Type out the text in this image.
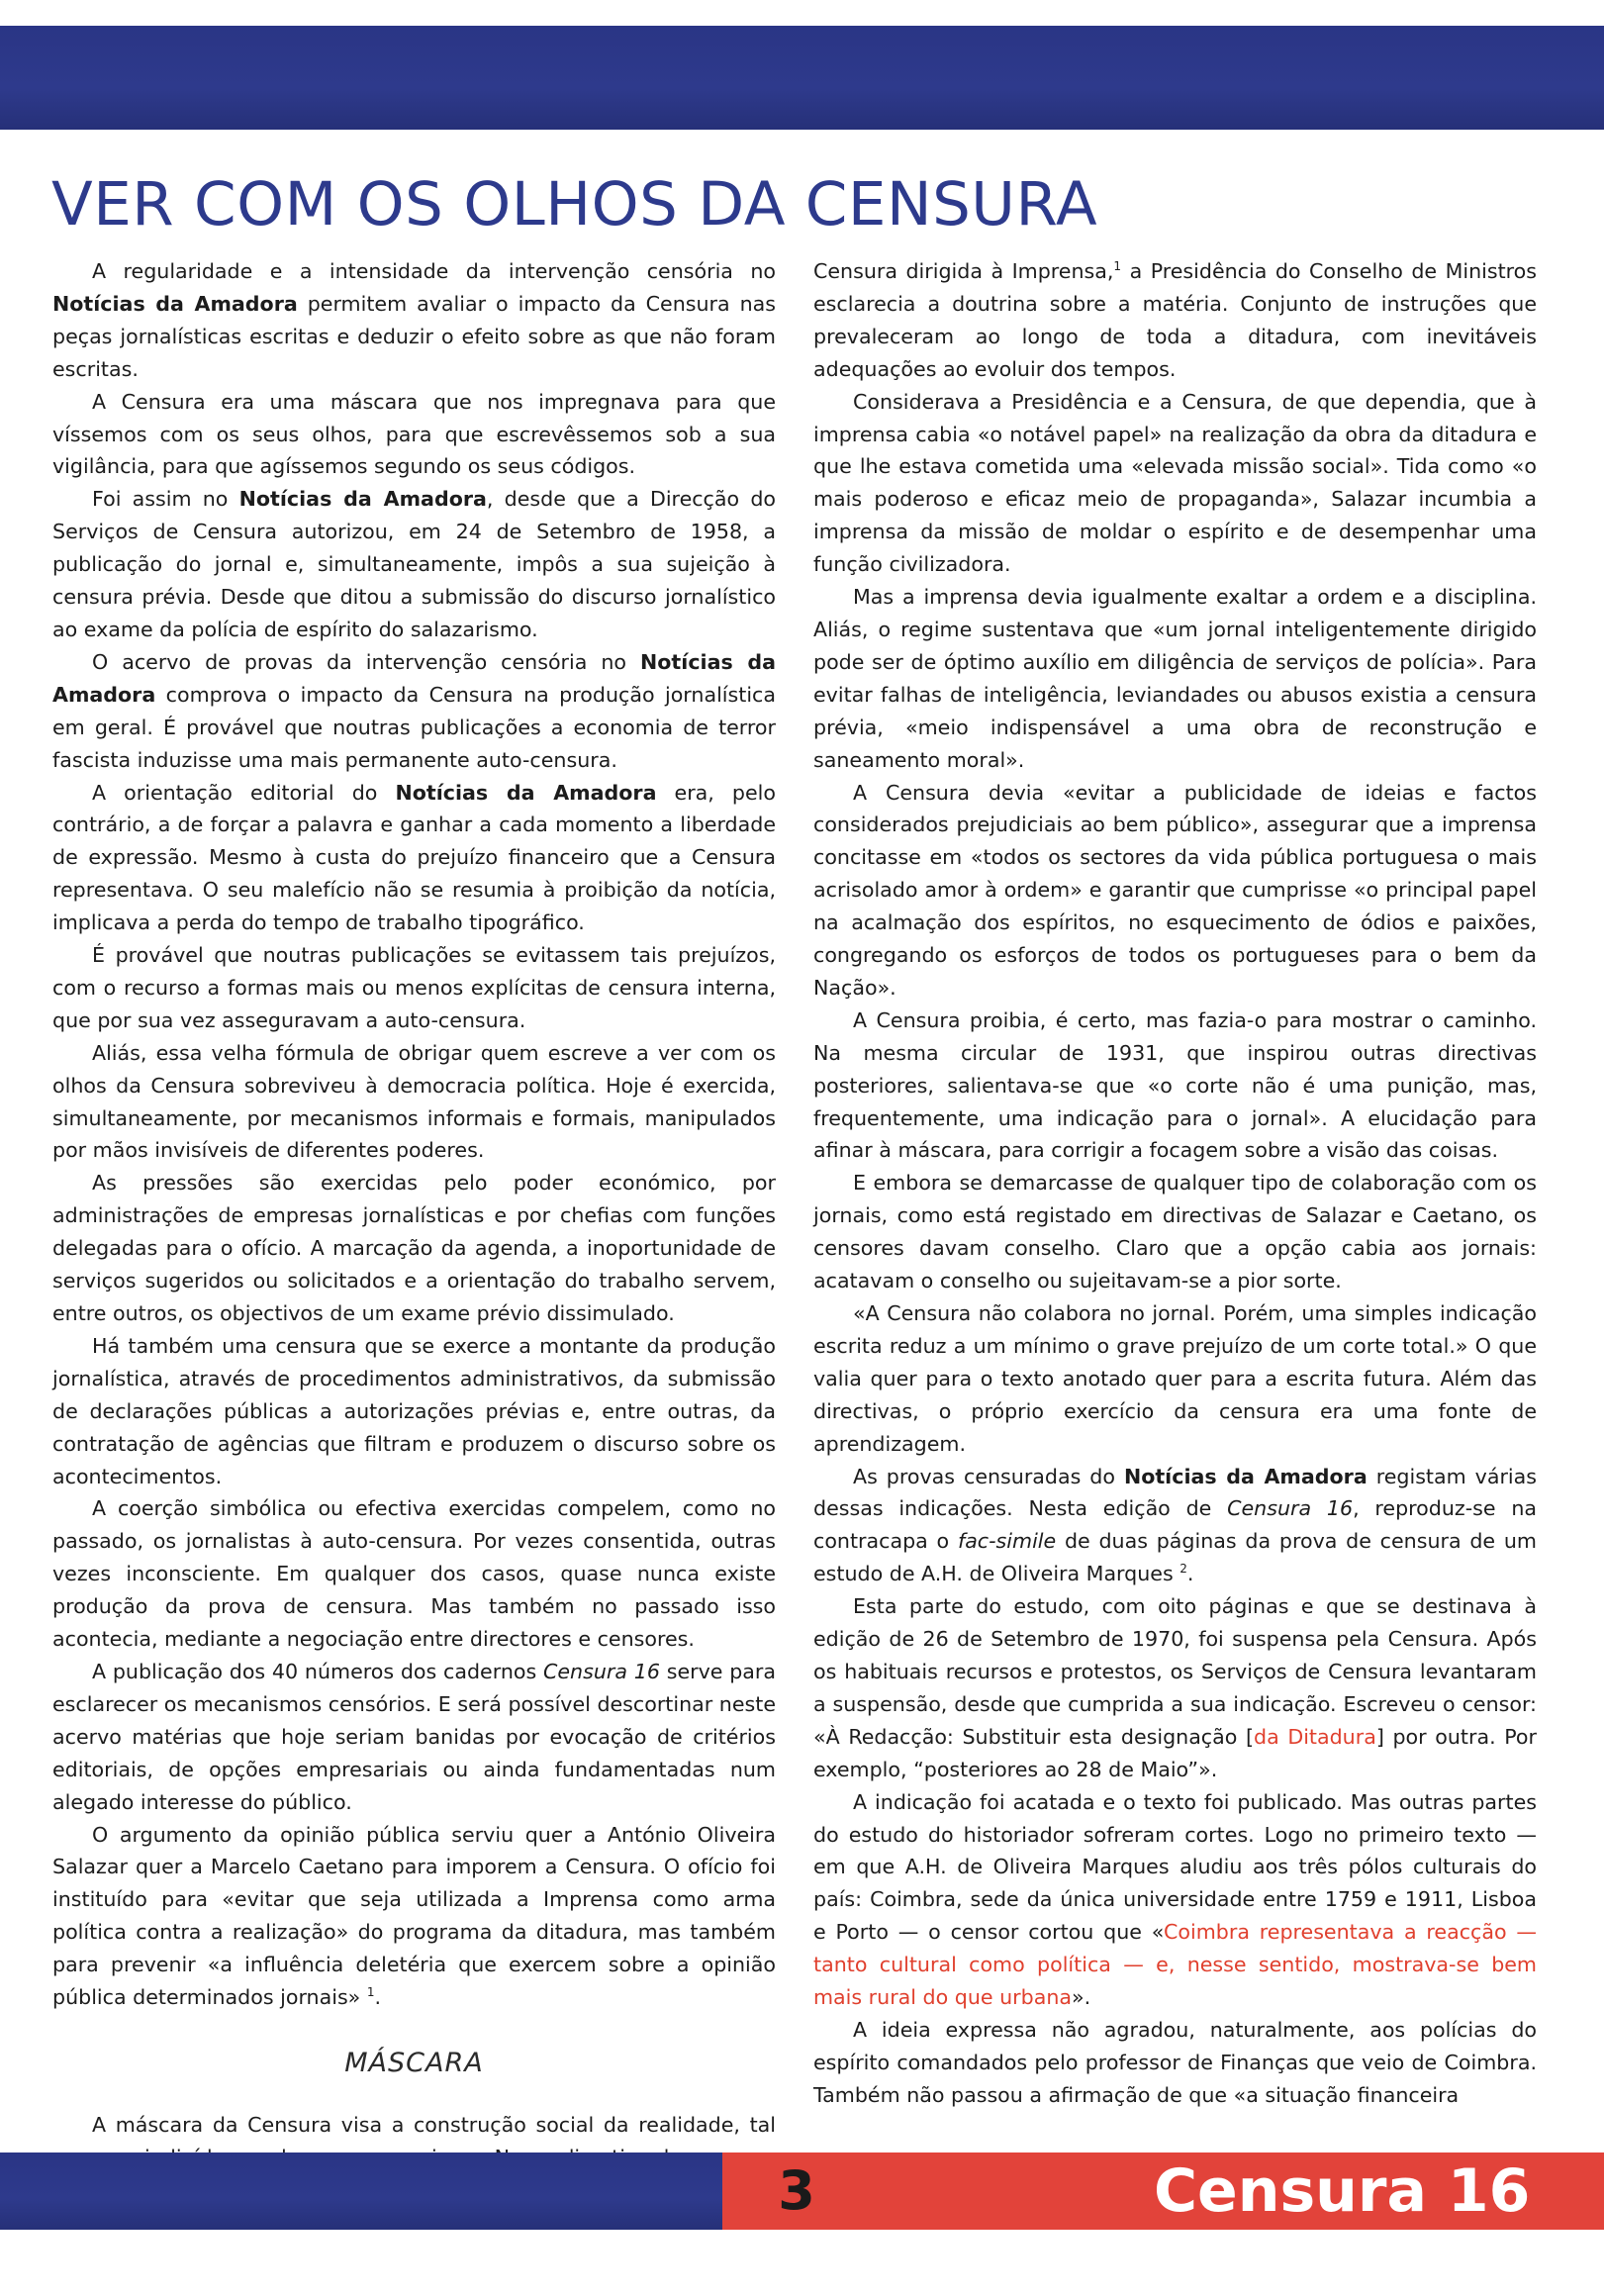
VER COM OS OLHOS DA CENSURA

A regularidade e a intensidade da intervenção censória no Notícias da Amadora permitem avaliar o impacto da Censura nas peças jornalísticas escritas e deduzir o efeito sobre as que não foram escritas.

A Censura era uma máscara que nos impregnava para que víssemos com os seus olhos, para que escrevêssemos sob a sua vigilância, para que agíssemos segundo os seus códigos.

Foi assim no Notícias da Amadora, desde que a Direcção do Serviços de Censura autorizou, em 24 de Setembro de 1958, a publicação do jornal e, simultaneamente, impôs a sua sujeição à censura prévia. Desde que ditou a submissão do discurso jornalístico ao exame da polícia de espírito do salazarismo.

O acervo de provas da intervenção censória no Notícias da Amadora comprova o impacto da Censura na produção jornalística em geral. É provável que noutras publicações a economia de terror fascista induzisse uma mais permanente auto-censura.

A orientação editorial do Notícias da Amadora era, pelo contrário, a de forçar a palavra e ganhar a cada momento a liberdade de expressão. Mesmo à custa do prejuízo financeiro que a Censura representava. O seu malefício não se resumia à proibição da notícia, implicava a perda do tempo de trabalho tipográfico.

É provável que noutras publicações se evitassem tais prejuízos, com o recurso a formas mais ou menos explícitas de censura interna, que por sua vez asseguravam a auto-censura.

Aliás, essa velha fórmula de obrigar quem escreve a ver com os olhos da Censura sobreviveu à democracia política. Hoje é exercida, simultaneamente, por mecanismos informais e formais, manipulados por mãos invisíveis de diferentes poderes.

As pressões são exercidas pelo poder económico, por administrações de empresas jornalísticas e por chefias com funções delegadas para o ofício. A marcação da agenda, a inoportunidade de serviços sugeridos ou solicitados e a orientação do trabalho servem, entre outros, os objectivos de um exame prévio dissimulado.

Há também uma censura que se exerce a montante da produção jornalística, através de procedimentos administrativos, da submissão de declarações públicas a autorizações prévias e, entre outras, da contratação de agências que filtram e produzem o discurso sobre os acontecimentos.

A coerção simbólica ou efectiva exercidas compelem, como no passado, os jornalistas à auto-censura. Por vezes consentida, outras vezes inconsciente. Em qualquer dos casos, quase nunca existe produção da prova de censura. Mas também no passado isso acontecia, mediante a negociação entre directores e censores.

A publicação dos 40 números dos cadernos Censura 16 serve para esclarecer os mecanismos censórios. E será possível descortinar neste acervo matérias que hoje seriam banidas por evocação de critérios editoriais, de opções empresariais ou ainda fundamentadas num alegado interesse do público.

O argumento da opinião pública serviu quer a António Oliveira Salazar quer a Marcelo Caetano para imporem a Censura. O ofício foi instituído para «evitar que seja utilizada a Imprensa como arma política contra a realização» do programa da ditadura, mas também para prevenir «a influência deletéria que exercem sobre a opinião pública determinados jornais» $^1$.

MÁSCARA

A máscara da Censura visa a construção social da realidade, tal

Censura dirigida à Imprensa,$^1$ a Presidência do Conselho de Ministros esclarecia a doutrina sobre a matéria. Conjunto de instruções que prevaleceram ao longo de toda a ditadura, com inevitáveis adequações ao evoluir dos tempos.

Considerava a Presidência e a Censura, de que dependia, que à imprensa cabia «o notável papel» na realização da obra da ditadura e que lhe estava cometida uma «elevada missão social». Tida como «o mais poderoso e eficaz meio de propaganda», Salazar incumbia a imprensa da missão de moldar o espírito e de desempenhar uma função civilizadora.

Mas a imprensa devia igualmente exaltar a ordem e a disciplina. Aliás, o regime sustentava que «um jornal inteligentemente dirigido pode ser de óptimo auxílio em diligência de serviços de polícia». Para evitar falhas de inteligência, leviandades ou abusos existia a censura prévia, «meio indispensável a uma obra de reconstrução e saneamento moral».

A Censura devia «evitar a publicidade de ideias e factos considerados prejudiciais ao bem público», assegurar que a imprensa concitasse em «todos os sectores da vida pública portuguesa o mais acrisolado amor à ordem» e garantir que cumprisse «o principal papel na acalmação dos espíritos, no esquecimento de ódios e paixões, congregando os esforços de todos os portugueses para o bem da Nação».

A Censura proibia, é certo, mas fazia-o para mostrar o caminho. Na mesma circular de 1931, que inspirou outras directivas posteriores, salientava-se que «o corte não é uma punição, mas, frequentemente, uma indicação para o jornal». A elucidação para afinar à máscara, para corrigir a focagem sobre a visão das coisas.

E embora se demarcasse de qualquer tipo de colaboração com os jornais, como está registado em directivas de Salazar e Caetano, os censores davam conselho. Claro que a opção cabia aos jornais: acatavam o conselho ou sujeitavam-se a pior sorte.

«A Censura não colabora no jornal. Porém, uma simples indicação escrita reduz a um mínimo o grave prejuízo de um corte total.» O que valia quer para o texto anotado quer para a escrita futura. Além das directivas, o próprio exercício da censura era uma fonte de aprendizagem.

As provas censuradas do Notícias da Amadora registam várias dessas indicações. Nesta edição de Censura 16, reproduz-se na contracapa o fac-simile de duas páginas da prova de censura de um estudo de A.H. de Oliveira Marques $^2$.

Esta parte do estudo, com oito páginas e que se destinava à edição de 26 de Setembro de 1970, foi suspensa pela Censura. Após os habituais recursos e protestos, os Serviços de Censura levantaram a suspensão, desde que cumprida a sua indicação. Escreveu o censor: «À Redacção: Substituir esta designação [da Ditadura] por outra. Por exemplo, “posteriores ao 28 de Maio”».

A indicação foi acatada e o texto foi publicado. Mas outras partes do estudo do historiador sofreram cortes. Logo no primeiro texto — em que A.H. de Oliveira Marques aludiu aos três pólos culturais do país: Coimbra, sede da única universidade entre 1759 e 1911, Lisboa e Porto — o censor cortou que «Coimbra representava a reacção — tanto cultural como política — e, nesse sentido, mostrava-se bem mais rural do que urbana».

A ideia expressa não agradou, naturalmente, aos polícias do espírito comandados pelo professor de Finanças que veio de Coimbra. Também não passou a afirmação de que «a situação financeira

3	Censura 16
